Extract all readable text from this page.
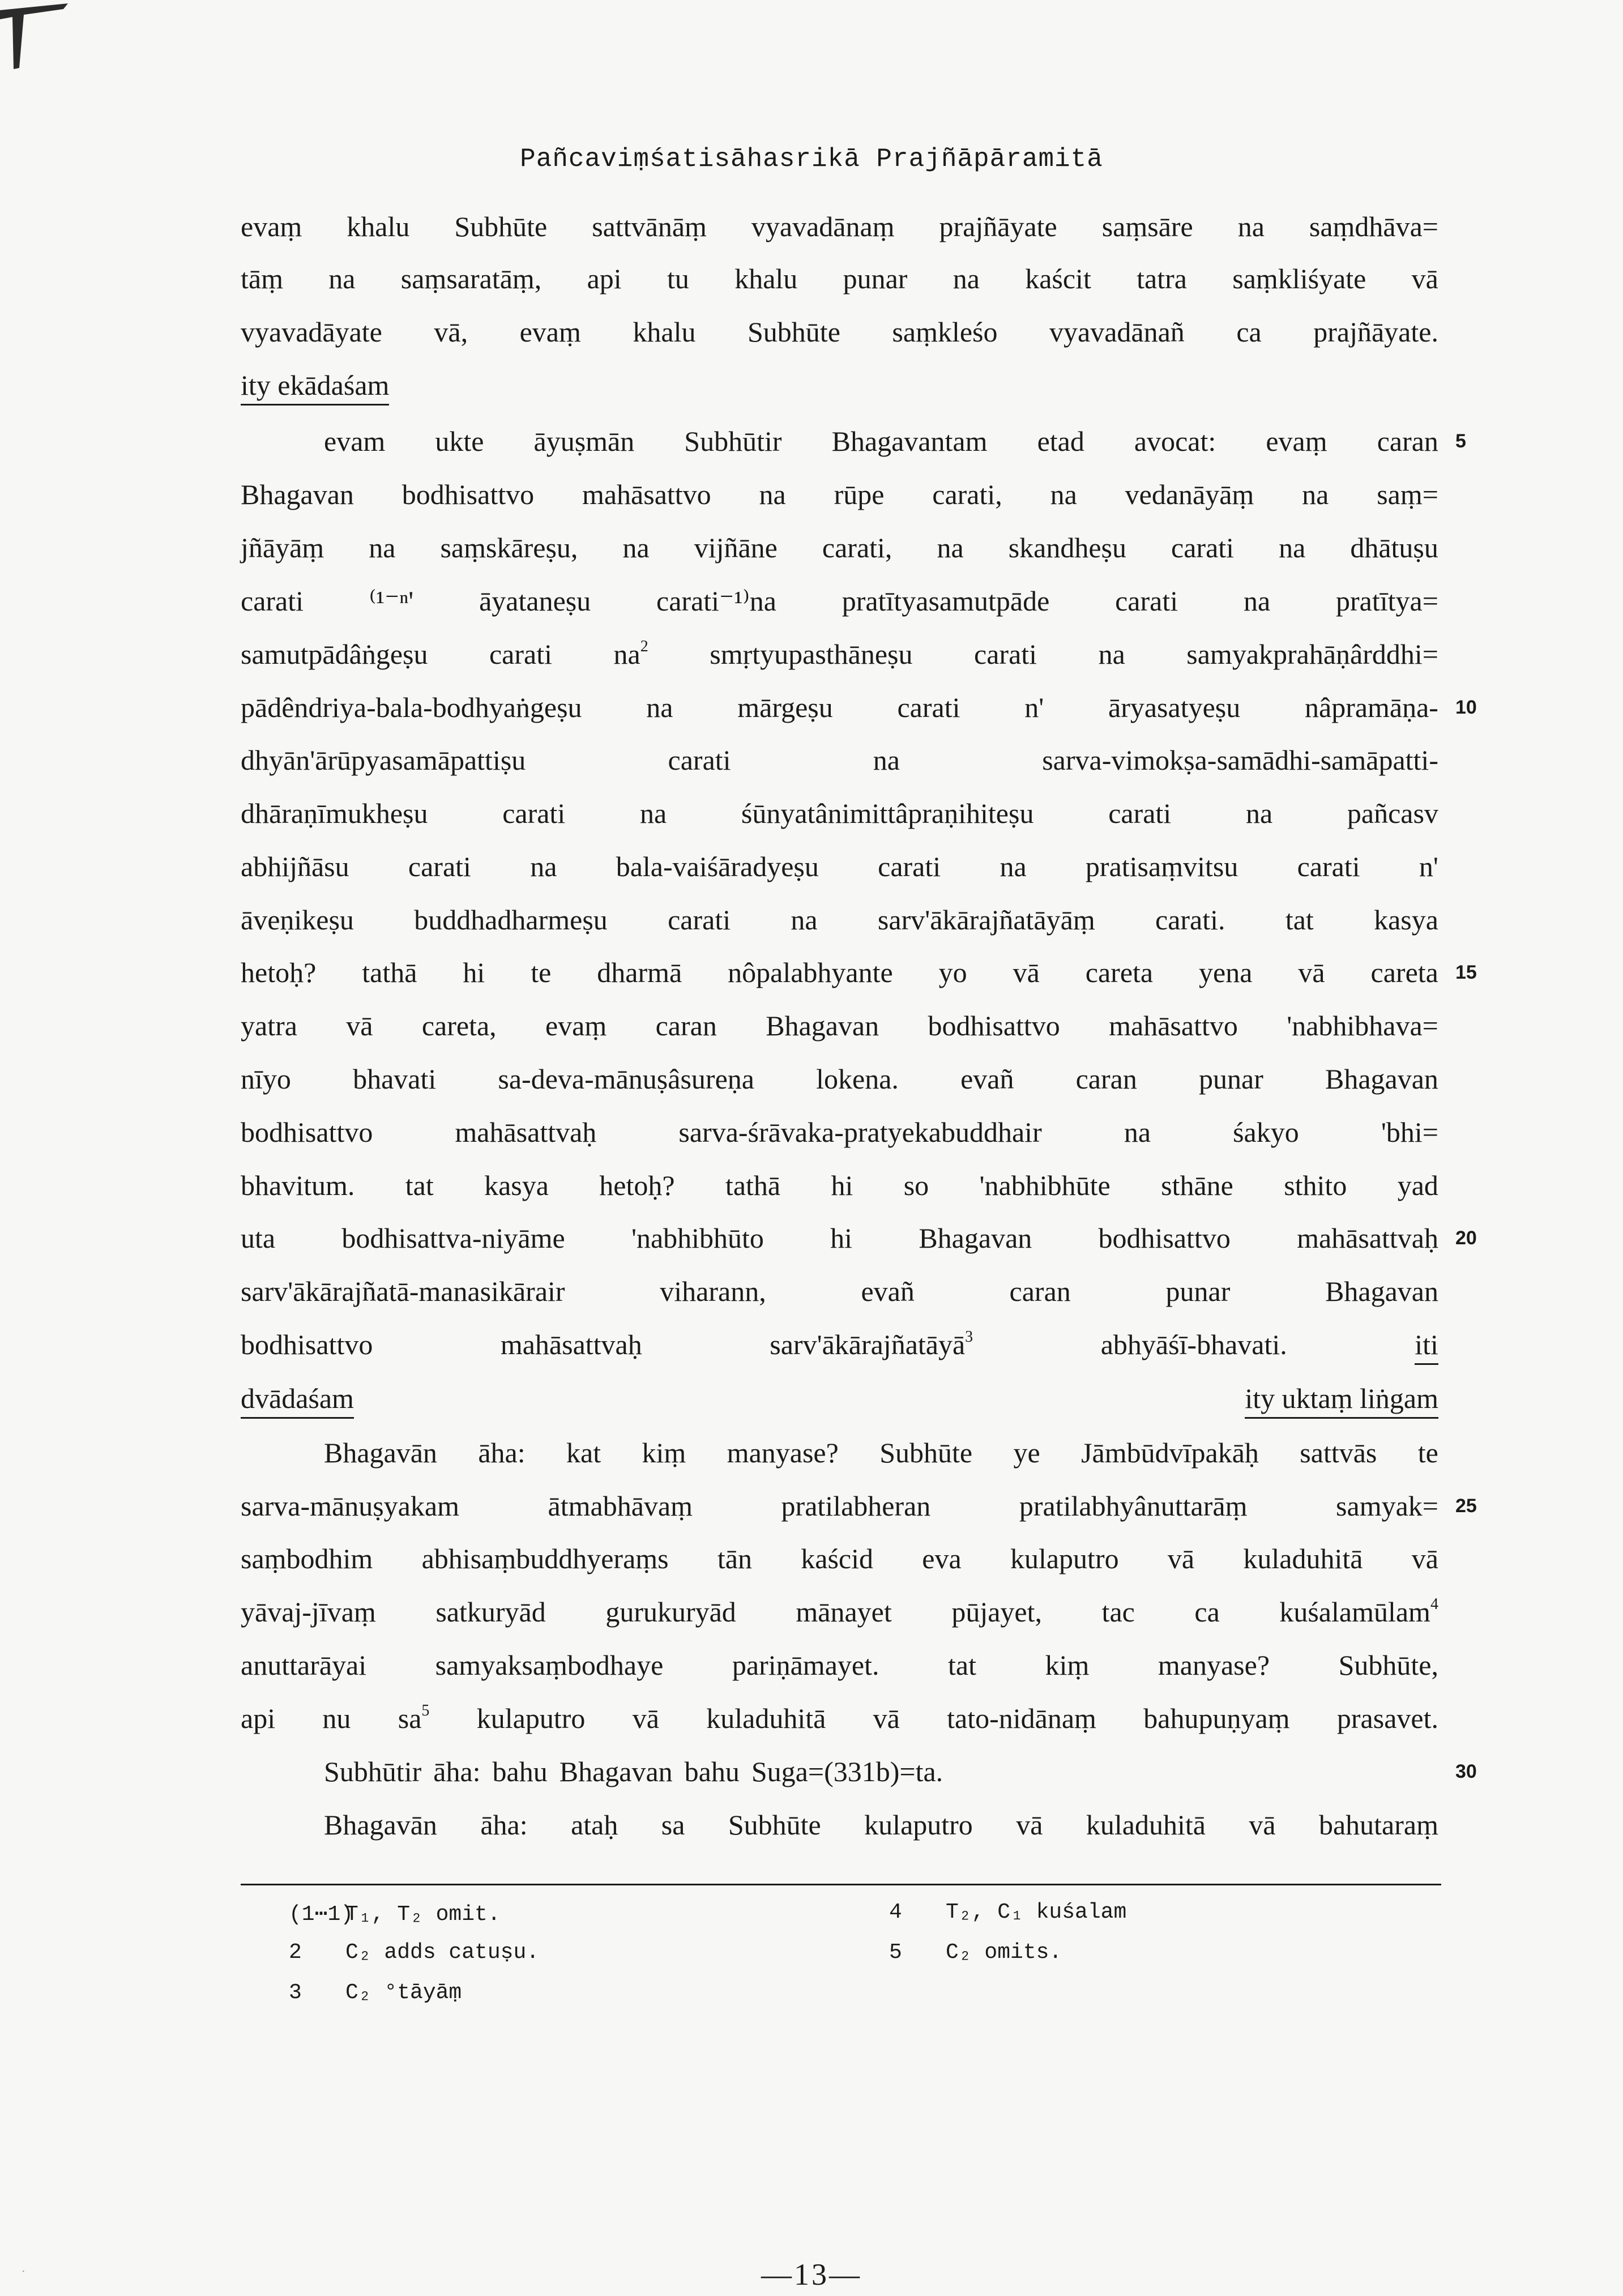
Pañcaviṃśatisāhasrikā Prajñāpāramitā
evaṃ khalu Subhūte sattvānāṃ vyavadānaṃ prajñāyate saṃsāre na saṃdhāva=
tāṃ na saṃsaratāṃ, api tu khalu punar na kaścit tatra saṃkliśyate vā
vyavadāyate vā, evaṃ khalu Subhūte saṃkleśo vyavadānañ ca prajñāyate.
ity ekādaśam
evam ukte āyuṣmān Subhūtir Bhagavantam etad avocat: evaṃ caran 5
Bhagavan bodhisattvo mahāsattvo na rūpe carati, na vedanāyāṃ na saṃ=
jñāyāṃ na saṃskāreṣu, na vijñāne carati, na skandheṣu carati na dhātuṣu
carati ⁽¹⁻ⁿ' āyataneṣu carati⁻¹⁾na pratītyasamutpāde carati na pratītya=
samutpādâṅgeṣu carati $na^2$ smṛtyupasthāneṣu carati na samyakprahāṇârddhi=
pādêndriya-bala-bodhyaṅgeṣu na mārgeṣu carati n' āryasatyeṣu nâpramāṇa- 10
dhyān'ārūpyasamāpattiṣu	carati	na	sarva-vimokṣa-samādhi-samāpatti-
dhāraṇīmukheṣu	carati	na	śūnyatânimittâpraṇihiteṣu	carati	na	pañcasv
abhijñāsu carati na bala-vaiśāradyeṣu carati na pratisaṃvitsu carati n'
āveṇikeṣu buddhadharmeṣu carati na sarv'ākārajñatāyāṃ carati. tat kasya
hetoḥ? tathā hi te dharmā nôpalabhyante yo vā careta yena vā careta 15
yatra vā careta, evaṃ caran Bhagavan bodhisattvo mahāsattvo 'nabhibhava=
nīyo bhavati sa-deva-mānuṣâsureṇa lokena. evañ caran punar Bhagavan
bodhisattvo	mahāsattvaḥ	sarva-śrāvaka-pratyekabuddhair	na	śakyo	'bhi=
bhavitum. tat kasya hetoḥ? tathā hi so 'nabhibhūte sthāne sthito yad
uta bodhisattva-niyāme 'nabhibhūto hi Bhagavan bodhisattvo mahāsattvaḥ 20
sarv'ākārajñatā-manasikārair	viharann,	evañ	caran	punar	Bhagavan
bodhisattvo	mahāsattvaḥ	sarv'ākārajñatāyā$^3$	abhyāśī-bhavati.	iti
dvādaśam	ity uktaṃ liṅgam
Bhagavān āha: kat kiṃ manyase? Subhūte ye Jāmbūdvīpakāḥ sattvās te
sarva-mānuṣyakam	ātmabhāvaṃ	pratilabheran	pratilabhyânuttarāṃ	samyak= 25
saṃbodhim abhisaṃbuddhyeraṃs tān kaścid eva kulaputro vā kuladuhitā vā
yāvaj-jīvaṃ satkuryād gurukuryād mānayet pūjayet, tac ca kuśalamūlam$^4$
anuttarāyai samyaksaṃbodhaye pariṇāmayet. tat kiṃ manyase? Subhūte,
api nu $sa^5$ kulaputro vā kuladuhitā vā tato-nidānaṃ bahupuṇyaṃ prasavet.
Subhūtir āha: bahu Bhagavan bahu Suga=(331b)=ta.	30
Bhagavān āha: ataḥ sa Subhūte kulaputro vā kuladuhitā vā bahutaraṃ
(1⋯1)T₁, T₂ omit.
2 C₂ adds catuṣu.
3 C₂ °tāyāṃ
4 T₂, C₁ kuśalam
5 C₂ omits.
—13—
·
